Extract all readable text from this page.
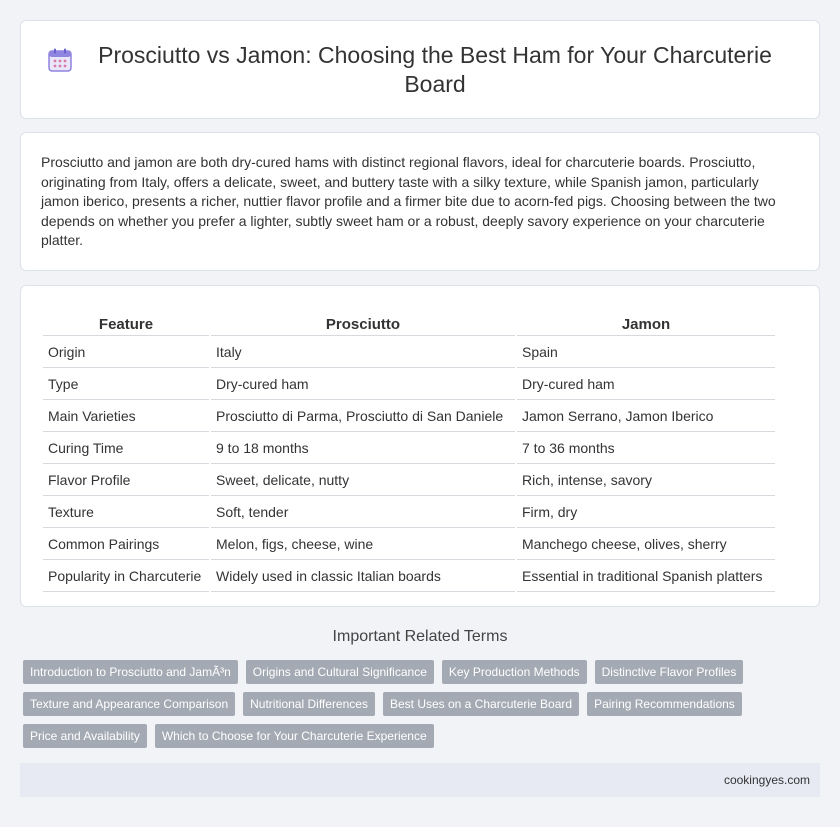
Prosciutto vs Jamon: Choosing the Best Ham for Your Charcuterie Board

Prosciutto and jamon are both dry-cured hams with distinct regional flavors, ideal for charcuterie boards. Prosciutto, originating from Italy, offers a delicate, sweet, and buttery taste with a silky texture, while Spanish jamon, particularly jamon iberico, presents a richer, nuttier flavor profile and a firmer bite due to acorn-fed pigs. Choosing between the two depends on whether you prefer a lighter, subtly sweet ham or a robust, deeply savory experience on your charcuterie platter.

Feature	Prosciutto	Jamon
Origin	Italy	Spain
Type	Dry-cured ham	Dry-cured ham
Main Varieties	Prosciutto di Parma, Prosciutto di San Daniele	Jamon Serrano, Jamon Iberico
Curing Time	9 to 18 months	7 to 36 months
Flavor Profile	Sweet, delicate, nutty	Rich, intense, savory
Texture	Soft, tender	Firm, dry
Common Pairings	Melon, figs, cheese, wine	Manchego cheese, olives, sherry
Popularity in Charcuterie	Widely used in classic Italian boards	Essential in traditional Spanish platters
Important Related Terms
Introduction to Prosciutto and JamÃ³n	Origins and Cultural Significance	Key Production Methods	Distinctive Flavor Profiles
Texture and Appearance Comparison	Nutritional Differences	Best Uses on a Charcuterie Board	Pairing Recommendations
Price and Availability	Which to Choose for Your Charcuterie Experience
cookingyes.com
